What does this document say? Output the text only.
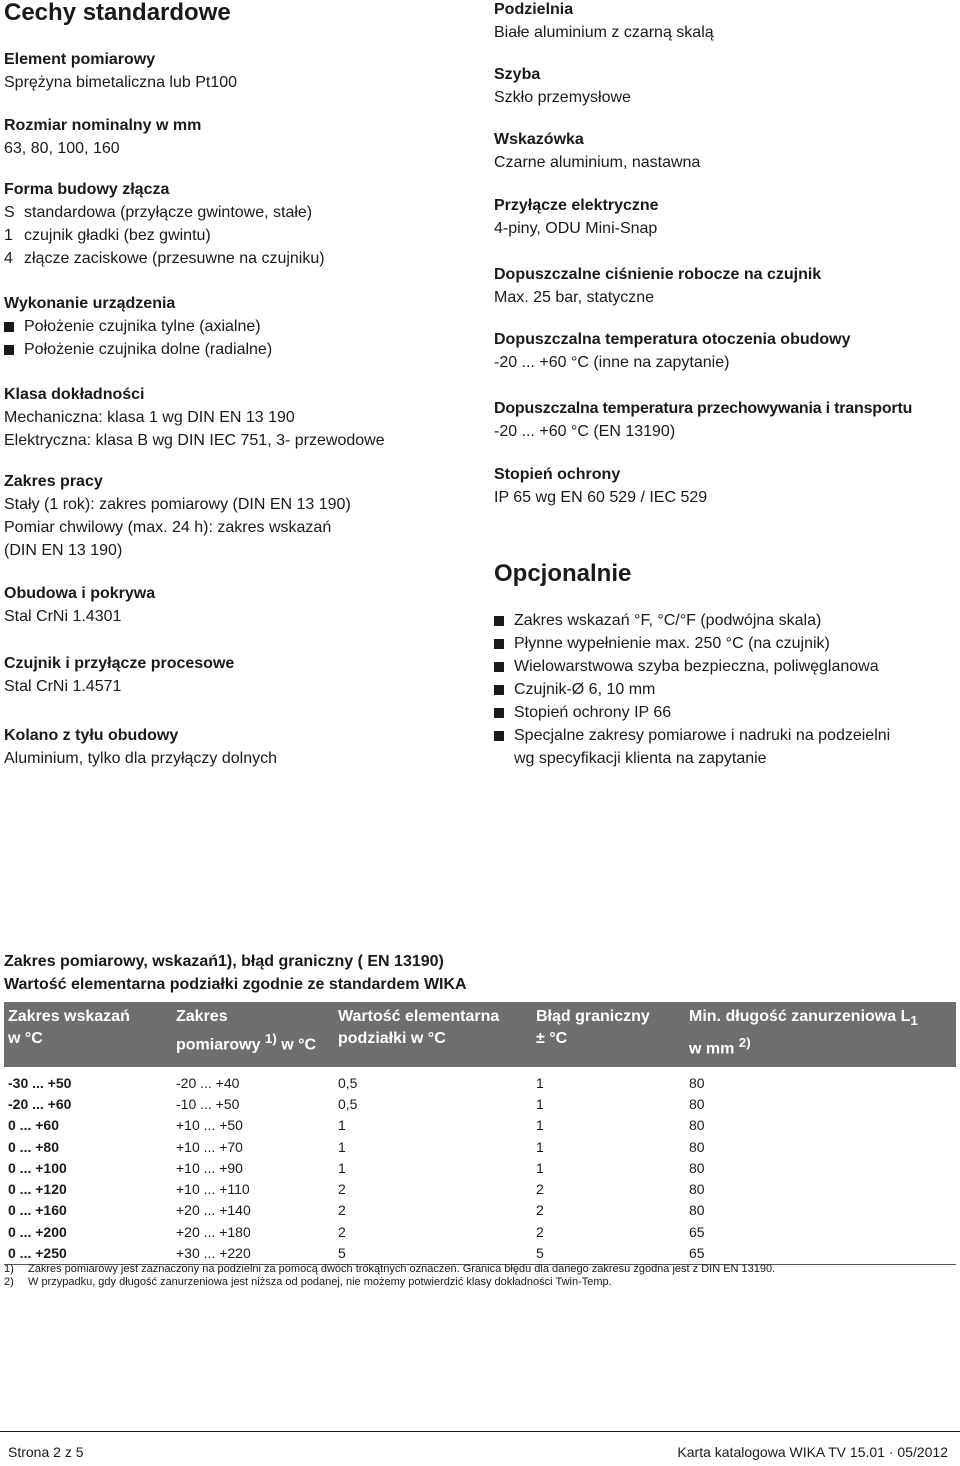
Cechy standardowe
Element pomiarowy
Sprężyna bimetaliczna lub Pt100
Rozmiar nominalny w mm
63, 80, 100, 160
Forma budowy złącza
S standardowa (przyłącze gwintowe, stałe)
1 czujnik gładki (bez gwintu)
4 złącze zaciskowe (przesuwne na czujniku)
Wykonanie urządzenia
Położenie czujnika tylne (axialne)
Położenie czujnika dolne (radialne)
Klasa dokładności
Mechaniczna: klasa 1 wg DIN EN 13 190
Elektryczna: klasa B wg DIN IEC 751, 3- przewodowe
Zakres pracy
Stały (1 rok): zakres pomiarowy (DIN EN 13 190)
Pomiar chwilowy (max. 24 h): zakres wskazań
(DIN EN 13 190)
Obudowa i pokrywa
Stal CrNi 1.4301
Czujnik i przyłącze procesowe
Stal CrNi 1.4571
Kolano z tyłu obudowy
Aluminium, tylko dla przyłączy dolnych
Podzielnia
Białe aluminium z czarną skalą
Szyba
Szkło przemysłowe
Wskazówka
Czarne aluminium, nastawna
Przyłącze elektryczne
4-piny, ODU Mini-Snap
Dopuszczalne ciśnienie robocze na czujnik
Max. 25 bar, statyczne
Dopuszczalna temperatura otoczenia obudowy
-20 ... +60 °C (inne na zapytanie)
Dopuszczalna temperatura przechowywania i transportu
-20 ... +60 °C (EN 13190)
Stopień ochrony
IP 65 wg EN 60 529 / IEC 529
Opcjonalnie
Zakres wskazań °F, °C/°F (podwójna skala)
Płynne wypełnienie max. 250 °C (na czujnik)
Wielowarstwowa szyba bezpieczna, poliwęglanowa
Czujnik-Ø 6, 10 mm
Stopień ochrony IP 66
Specjalne zakresy pomiarowe i nadruki na podzeielni
wg specyfikacji klienta na zapytanie
Zakres pomiarowy, wskazań1), błąd graniczny ( EN 13190)
Wartość elementarna podziałki zgodnie ze standardem WIKA
Zakres wskazań
w °C	Zakres
pomiarowy $^{1)}$ w °C	Wartość elementarna
podziałki w °C	Błąd graniczny
± °C	Min. długość zanurzeniowa $L_1$
w mm $^{2)}$
-30 ... +50	-20 ... +40	0,5	1	80
-20 ... +60	-10 ... +50	0,5	1	80
0 ... +60	+10 ... +50	1	1	80
0 ... +80	+10 ... +70	1	1	80
0 ... +100	+10 ... +90	1	1	80
0 ... +120	+10 ... +110	2	2	80
0 ... +160	+20 ... +140	2	2	80
0 ... +200	+20 ... +180	2	2	65
0 ... +250	+30 ... +220	5	5	65
1) Zakres pomiarowy jest zaznaczony na podzielni za pomocą dwóch trókątnych oznaczeń. Granica błędu dla danego zakresu zgodna jest z DIN EN 13190.
2) W przypadku, gdy długość zanurzeniowa jest niższa od podanej, nie możemy potwierdzić klasy dokładności Twin-Temp.
Strona 2 z 5	Karta katalogowa WIKA TV 15.01 · 05/2012
